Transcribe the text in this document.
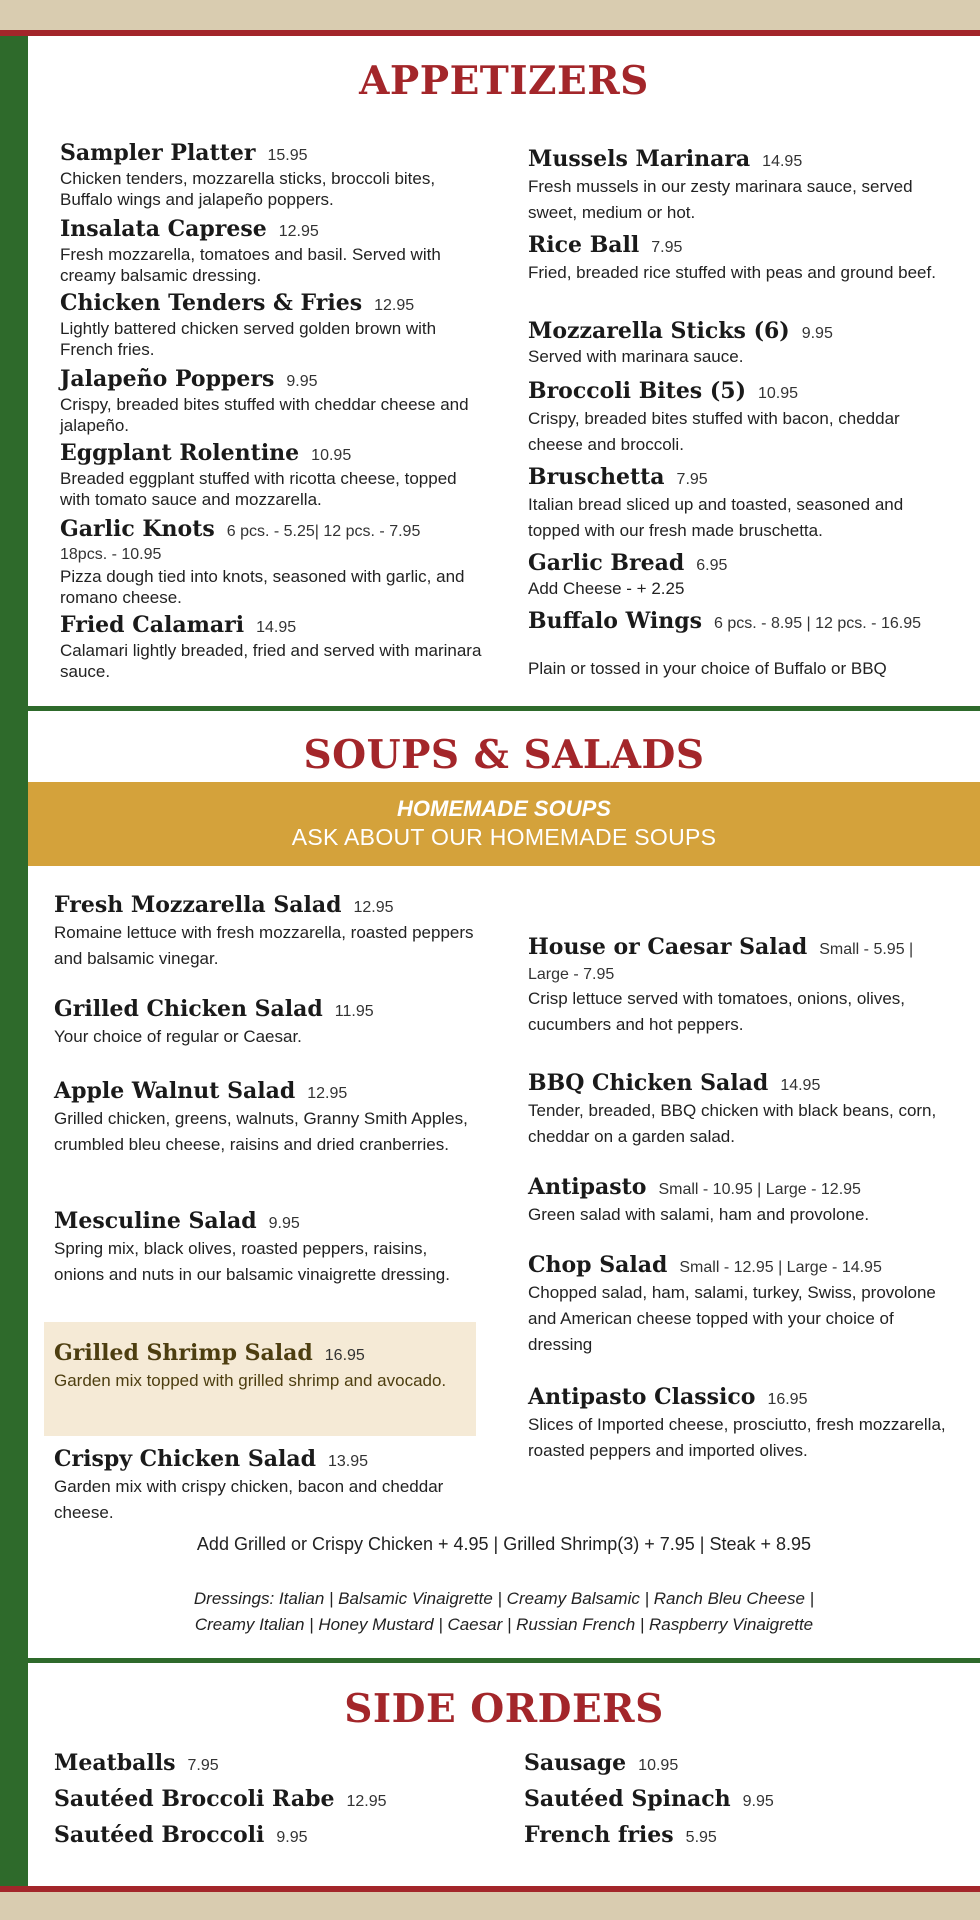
APPETIZERS
Sampler Platter 15.95
Chicken tenders, mozzarella sticks, broccoli bites, Buffalo wings and jalapeño poppers.
Insalata Caprese 12.95
Fresh mozzarella, tomatoes and basil. Served with creamy balsamic dressing.
Chicken Tenders & Fries 12.95
Lightly battered chicken served golden brown with French fries.
Jalapeño Poppers 9.95
Crispy, breaded bites stuffed with cheddar cheese and jalapeño.
Eggplant Rolentine 10.95
Breaded eggplant stuffed with ricotta cheese, topped with tomato sauce and mozzarella.
Garlic Knots 6 pcs. - 5.25| 12 pcs. - 7.95
18pcs. - 10.95
Pizza dough tied into knots, seasoned with garlic, and romano cheese.
Fried Calamari 14.95
Calamari lightly breaded, fried and served with marinara sauce.
Mussels Marinara 14.95
Fresh mussels in our zesty marinara sauce, served sweet, medium or hot.
Rice Ball 7.95
Fried, breaded rice stuffed with peas and ground beef.
Mozzarella Sticks (6) 9.95
Served with marinara sauce.
Broccoli Bites (5) 10.95
Crispy, breaded bites stuffed with bacon, cheddar cheese and broccoli.
Bruschetta 7.95
Italian bread sliced up and toasted, seasoned and topped with our fresh made bruschetta.
Garlic Bread 6.95
Add Cheese - + 2.25
Buffalo Wings 6 pcs. - 8.95 | 12 pcs. - 16.95
Plain or tossed in your choice of Buffalo or BBQ
SOUPS & SALADS
HOMEMADE SOUPS
ASK ABOUT OUR HOMEMADE SOUPS
Fresh Mozzarella Salad 12.95
Romaine lettuce with fresh mozzarella, roasted peppers and balsamic vinegar.
Grilled Chicken Salad 11.95
Your choice of regular or Caesar.
Apple Walnut Salad 12.95
Grilled chicken, greens, walnuts, Granny Smith Apples, crumbled bleu cheese, raisins and dried cranberries.
Mesculine Salad 9.95
Spring mix, black olives, roasted peppers, raisins, onions and nuts in our balsamic vinaigrette dressing.
Grilled Shrimp Salad 16.95
Garden mix topped with grilled shrimp and avocado.
Crispy Chicken Salad 13.95
Garden mix with crispy chicken, bacon and cheddar cheese.
House or Caesar Salad Small - 5.95 |
Large - 7.95
Crisp lettuce served with tomatoes, onions, olives, cucumbers and hot peppers.
BBQ Chicken Salad 14.95
Tender, breaded, BBQ chicken with black beans, corn, cheddar on a garden salad.
Antipasto Small - 10.95 | Large - 12.95
Green salad with salami, ham and provolone.
Chop Salad Small - 12.95 | Large - 14.95
Chopped salad, ham, salami, turkey, Swiss, provolone and American cheese topped with your choice of dressing
Antipasto Classico 16.95
Slices of Imported cheese, prosciutto, fresh mozzarella, roasted peppers and imported olives.
Add Grilled or Crispy Chicken + 4.95 | Grilled Shrimp(3) + 7.95 | Steak + 8.95
Dressings: Italian | Balsamic Vinaigrette | Creamy Balsamic | Ranch Bleu Cheese |
Creamy Italian | Honey Mustard | Caesar | Russian French | Raspberry Vinaigrette
SIDE ORDERS
Meatballs 7.95
Sautéed Broccoli Rabe 12.95
Sautéed Broccoli 9.95
Sausage 10.95
Sautéed Spinach 9.95
French fries 5.95
